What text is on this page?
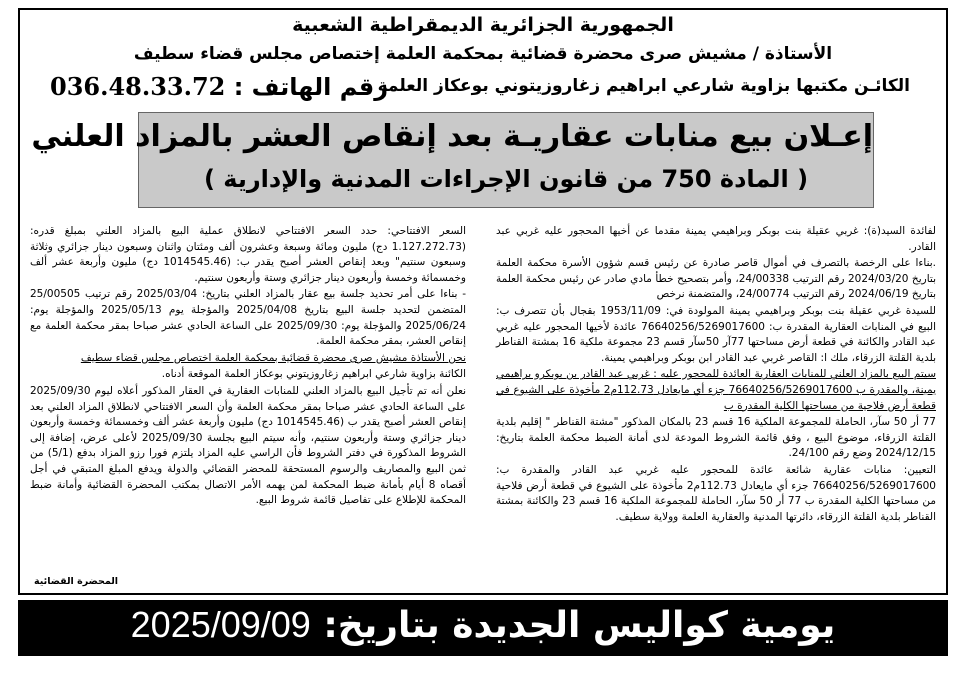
الجمهورية الجزائرية الديمقراطية الشعبية
الأستاذة / مشيش صرى محضرة قضائية بمحكمة العلمة إختصاص مجلس قضاء سطيف
الكائـن مكتبها بزاوية شارعي ابراهيم زغاروزيتوني بوعكاز العلمة
رقم الهاتف : 036.48.33.72
إعـلان بيع منابات عقاريـة بعد إنقاص العشر بالمزاد العلني
( المادة 750 من قانون الإجراءات المدنية والإدارية )

لفائدة السيد(ة): غربي عقيلة بنت بوبكر وبراهيمي يمينة مقدما عن أخيها المحجور عليه غربي عبد القادر.

.بناءا على الرخصة بالتصرف في أموال قاصر صادرة عن رئيس قسم شؤون الأسرة محكمة العلمة بتاريخ 2024/03/20 رقم الترتيب 24/00338، وأمر بتصحيح خطأ مادي صادر عن رئيس محكمة العلمة بتاريخ 2024/06/19 رقم الترتيب 24/00774، والمتضمنة نرخص

للسيدة غربي عقيلة بنت بوبكر وبراهيمي يمينة المولودة في: 1953/11/09 بقجال بأن تتصرف ب: البيع في المنابات العقارية المقدرة ب: 76640256/5269017600 عائدة لأخيها المحجور عليه غربي عبد القادر والكائنة في قطعة أرض مساحتها 77آر 50سآر قسم 23 مجموعة ملكية 16 بمشتة القناطر بلدية القلتة الزرقاء، ملك ا: القاصر غربي عبد القادر ابن بوبكر وبراهيمي يمينة.

سيتم البيع بالمزاد العلني للمنابات العقارية العائدة للمحجور عليه : غربي عبد القادر بن بوبكرو براهيمي يمينة، والمقدرة ب 76640256/5269017600 جزء أي مايعادل 112.73م2 مأخوذة على الشيوع في قطعة أرض فلاحية من مساحتها الكلية المقدرة ب

77 أر 50 سآر، الحاملة للمجموعة الملكية 16 قسم 23 بالمكان المذكور "مشتة القناطر " إقليم بلدية القلتة الزرقاء، موضوع البيع ، وفق قائمة الشروط المودعة لدى أمانة الضبط محكمة العلمة بتاريخ: 2024/12/15 وضع رقم 24/100.

التعيين: منابات عقارية شائعة عائدة للمحجور عليه غربي عبد القادر والمقدرة ب: 76640256/5269017600 جزء أي مايعادل 112.73م2 مأخوذة على الشيوع في قطعة أرض فلاحية من مساحتها الكلية المقدرة ب 77 أر 50 سآر، الحاملة للمجموعة الملكية 16 قسم 23 والكائنة بمشتة القناطر بلدية القلتة الزرقاء، دائرتها المدنية والعقارية العلمة وولاية سطيف.

السعر الافتتاحي: حدد السعر الافتتاحي لانطلاق عملية البيع بالمزاد العلني بمبلغ قدره: (1.127.272.73 دج) مليون ومائة وسبعة وعشرون ألف ومئتان واثنان وسبعون دينار جزائري وثلاثة وسبعون سنتيم" وبعد إنقاص العشر أصبح يقدر ب: (1014545.46 دج) مليون وأربعة عشر ألف وخمسمائة وخمسة وأربعون دينار جزائري وستة وأربعون سنتيم.

- بناءا على أمر تحديد جلسة بيع عقار بالمزاد العلني بتاريخ: 2025/03/04 رقم ترتيب 25/00505 المتضمن لتحديد جلسة البيع بتاريخ 2025/04/08 والمؤجلة يوم 2025/05/13 والمؤجلة يوم: 2025/06/24 والمؤجلة يوم: 2025/09/30 على الساعة الحادي عشر صباحا بمقر محكمة العلمة مع إنقاص العشر، بمقر محكمة العلمة.

نحن الأستاذة مشيش صرى محضرة قضائية بمحكمة العلمة اختصاص مجلس قضاء سطيف

الكائنة بزاوية شارعي ابراهيم زغاروزيتوني بوعكاز العلمة الموقعة أدناه.

نعلن أنه تم تأجيل البيع بالمزاد العلني للمنابات العقارية في العقار المذكور أعلاه ليوم 2025/09/30 على الساعة الحادي عشر صباحا بمقر محكمة العلمة وأن السعر الافتتاحي لانطلاق المزاد العلني بعد إنقاص العشر أصبح يقدر ب (1014545.46 دج) مليون وأربعة عشر ألف وخمسمائة وخمسة وأربعون دينار جزائري وستة وأربعون سنتيم، وأنه سيتم البيع بجلسة 2025/09/30 لأعلى عرض، إضافة إلى الشروط المذكورة في دفتر الشروط فأن الراسي عليه المزاد يلتزم فورا رزو المزاد بدفع (5/1) من ثمن البيع والمصاريف والرسوم المستحقة للمحضر القضائي والدولة ويدفع المبلغ المتبقي في أجل أقصاه 8 أيام بأمانة ضبط المحكمة لمن يهمه الأمر الاتصال بمكتب المحضرة القضائية وأمانة ضبط المحكمة للإطلاع على تفاصيل قائمة شروط البيع.

المحضرة القضائية
يومية كواليس الجديدة بتاريخ: 2025/09/09
